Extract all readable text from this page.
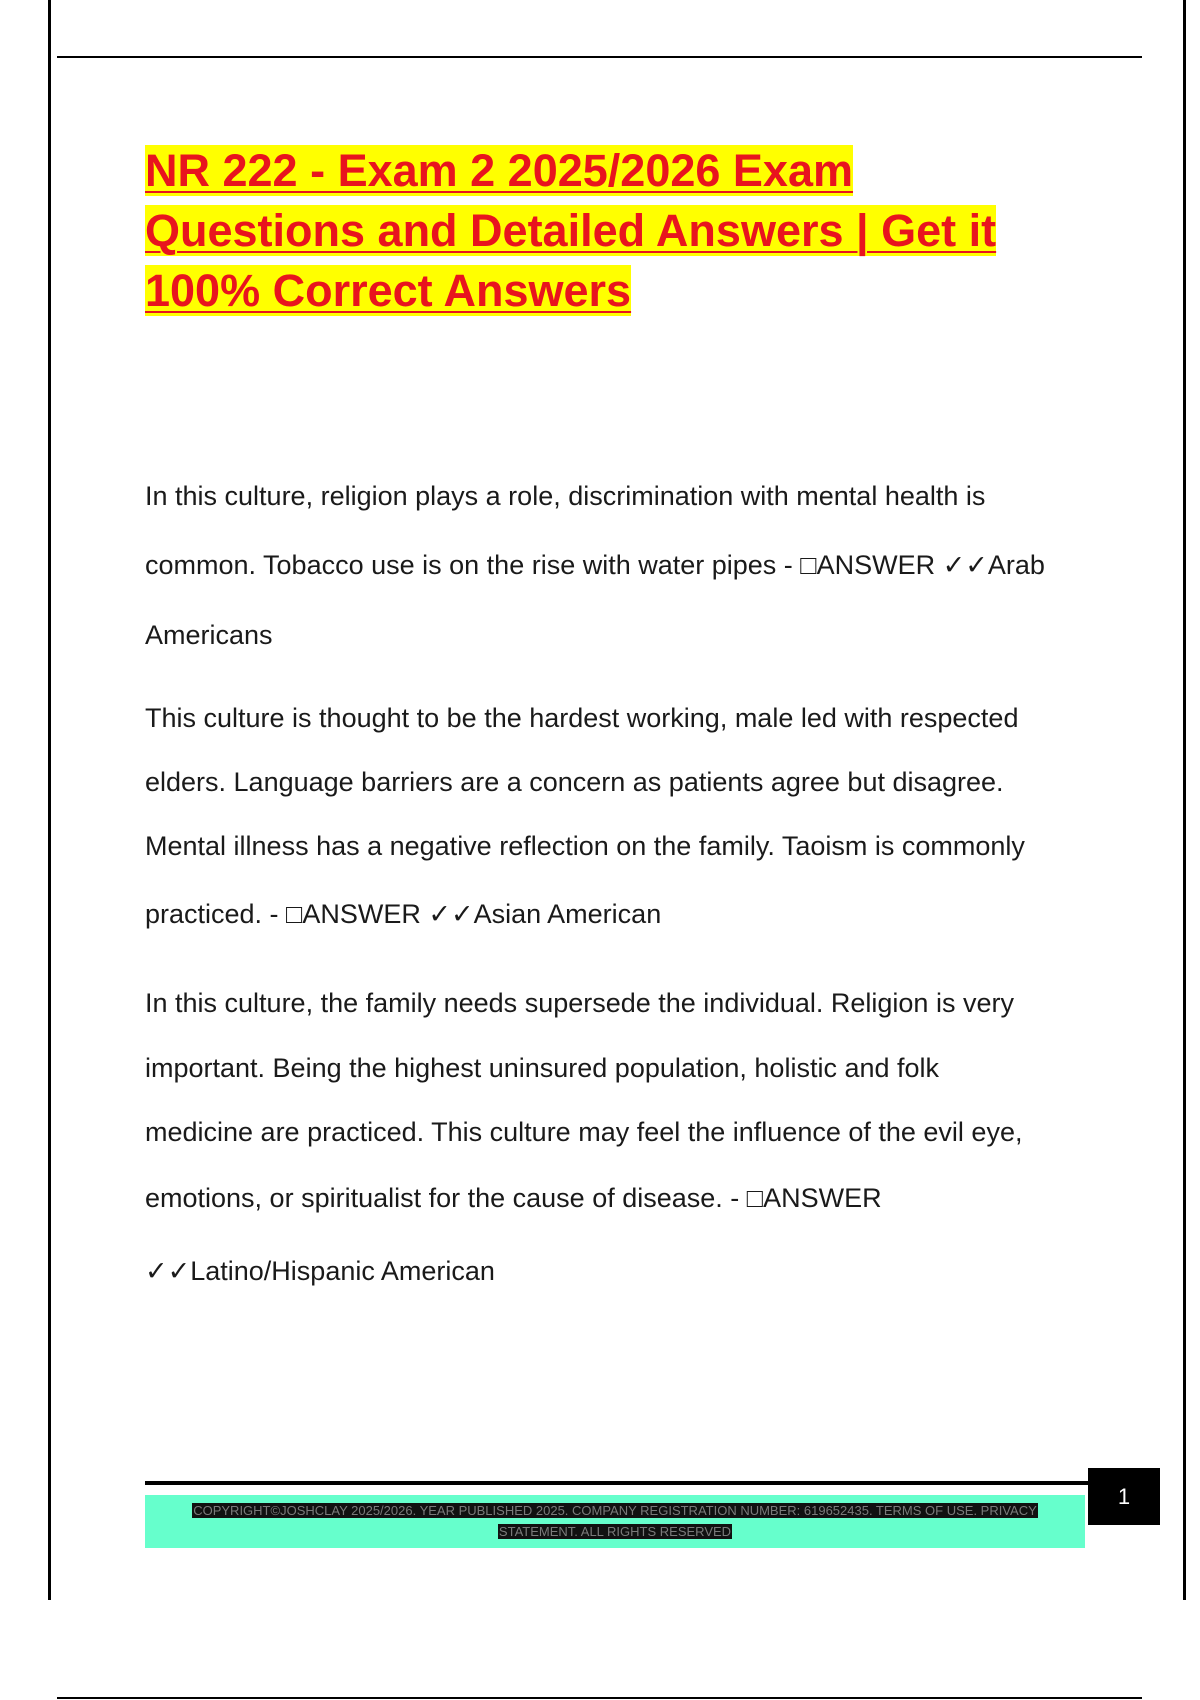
NR 222 - Exam 2 2025/2026 Exam
Questions and Detailed Answers | Get it
100% Correct Answers
In this culture, religion plays a role, discrimination with mental health is
common. Tobacco use is on the rise with water pipes - □ANSWER ✓✓Arab
Americans
This culture is thought to be the hardest working, male led with respected
elders. Language barriers are a concern as patients agree but disagree.
Mental illness has a negative reflection on the family. Taoism is commonly
practiced. - □ANSWER ✓✓Asian American
In this culture, the family needs supersede the individual. Religion is very
important. Being the highest uninsured population, holistic and folk
medicine are practiced. This culture may feel the influence of the evil eye,
emotions, or spiritualist for the cause of disease. - □ANSWER
✓✓Latino/Hispanic American
COPYRIGHT©JOSHCLAY 2025/2026. YEAR PUBLISHED 2025. COMPANY REGISTRATION NUMBER: 619652435. TERMS OF USE. PRIVACY
STATEMENT. ALL RIGHTS RESERVED
1
